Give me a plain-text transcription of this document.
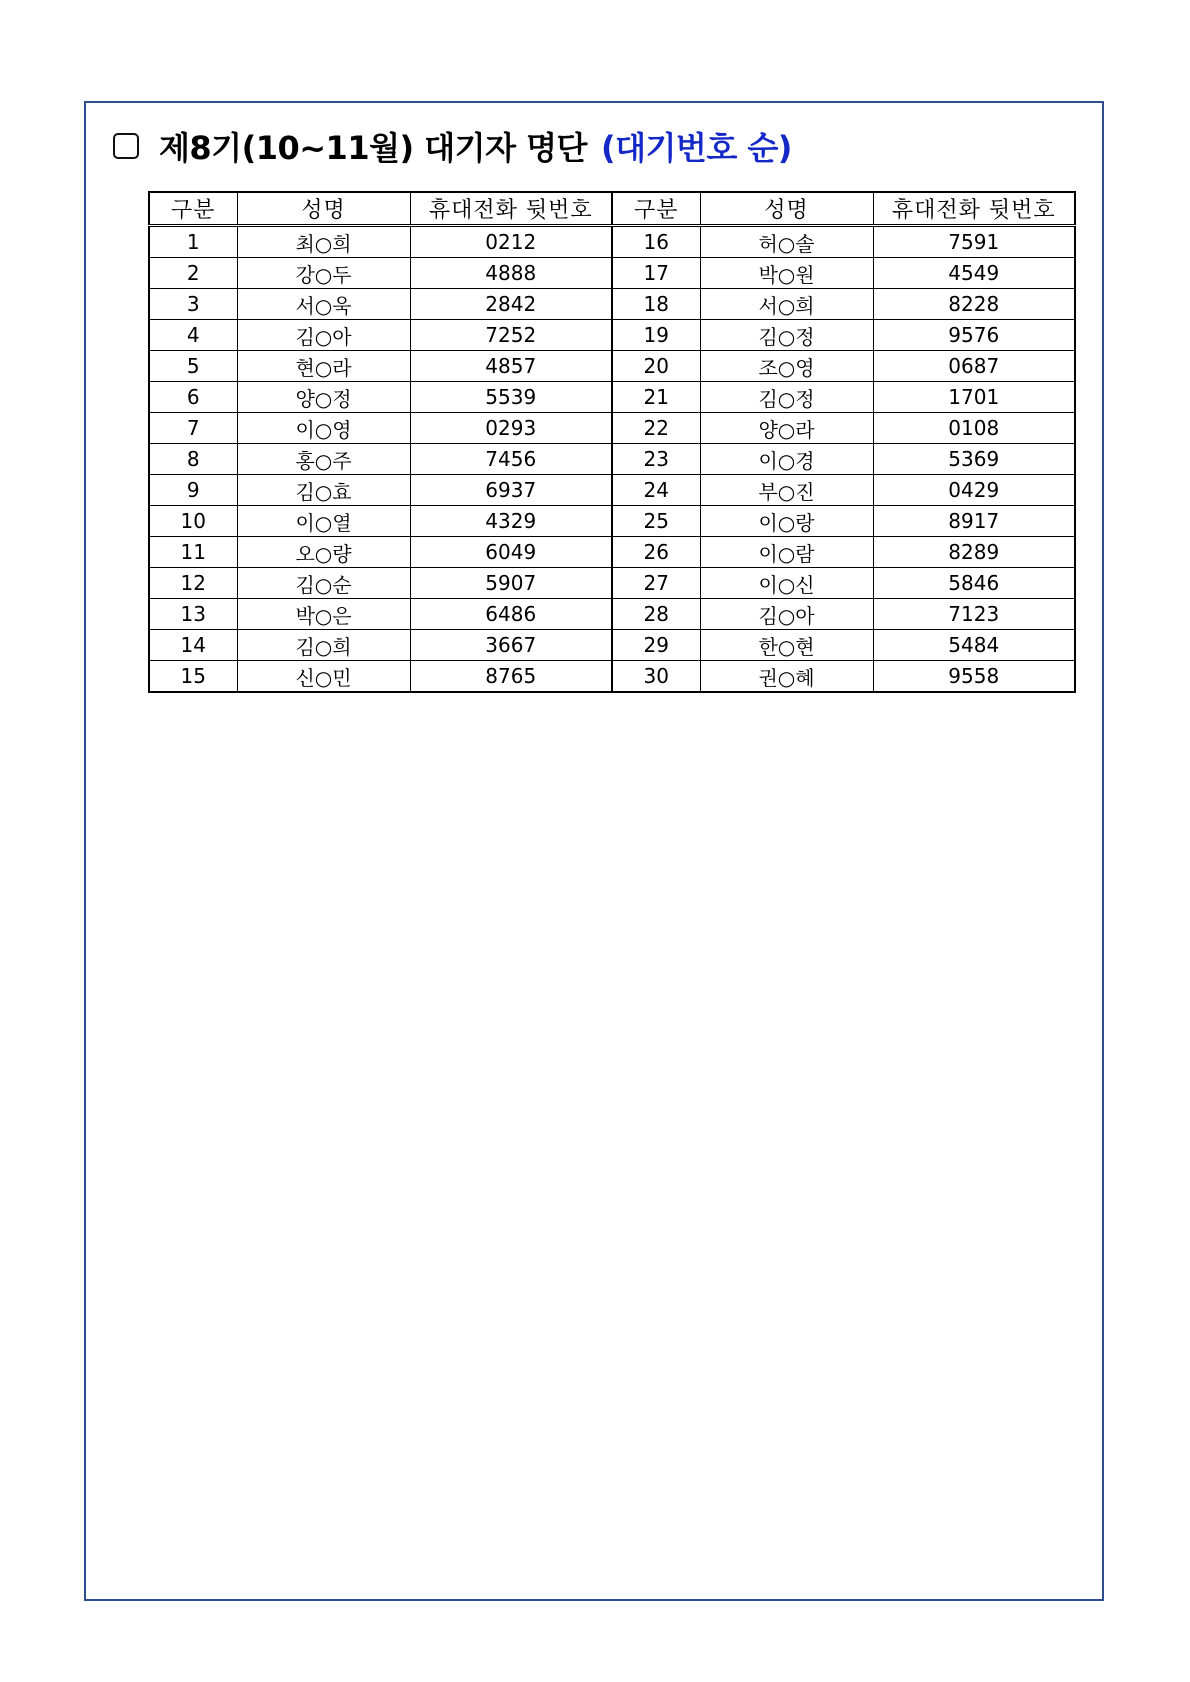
제8기(10~11월) 대기자 명단 (대기번호 순)
구분	성명	휴대전화 뒷번호	구분	성명	휴대전화 뒷번호
1	최○희	0212	16	허○솔	7591
2	강○두	4888	17	박○원	4549
3	서○욱	2842	18	서○희	8228
4	김○아	7252	19	김○정	9576
5	현○라	4857	20	조○영	0687
6	양○정	5539	21	김○정	1701
7	이○영	0293	22	양○라	0108
8	홍○주	7456	23	이○경	5369
9	김○효	6937	24	부○진	0429
10	이○열	4329	25	이○랑	8917
11	오○량	6049	26	이○람	8289
12	김○순	5907	27	이○신	5846
13	박○은	6486	28	김○아	7123
14	김○희	3667	29	한○현	5484
15	신○민	8765	30	권○혜	9558
